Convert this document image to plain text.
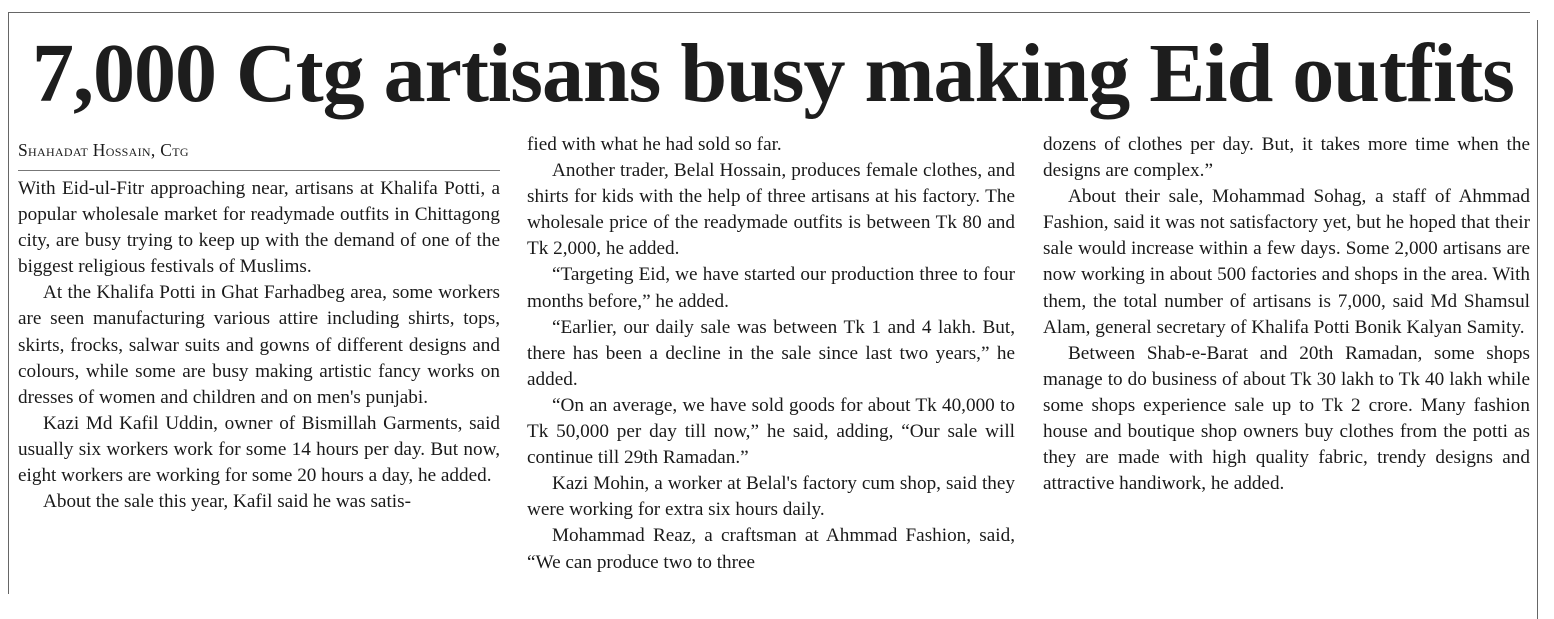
7,000 Ctg artisans busy making Eid outfits
Shahadat Hossain, Ctg

With Eid-ul-Fitr approaching near, artisans at Khalifa Potti, a popular wholesale market for readymade outfits in Chittagong city, are busy trying to keep up with the demand of one of the biggest religious festivals of Muslims.

At the Khalifa Potti in Ghat Farhadbeg area, some workers are seen manufacturing various attire including shirts, tops, skirts, frocks, salwar suits and gowns of different designs and colours, while some are busy making artistic fancy works on dresses of women and children and on men's punjabi.

Kazi Md Kafil Uddin, owner of Bismillah Garments, said usually six workers work for some 14 hours per day. But now, eight workers are working for some 20 hours a day, he added.

About the sale this year, Kafil said he was satis-

fied with what he had sold so far.

Another trader, Belal Hossain, produces female clothes, and shirts for kids with the help of three artisans at his factory. The wholesale price of the readymade outfits is between Tk 80 and Tk 2,000, he added.

“Targeting Eid, we have started our production three to four months before,” he added.

“Earlier, our daily sale was between Tk 1 and 4 lakh. But, there has been a decline in the sale since last two years,” he added.

“On an average, we have sold goods for about Tk 40,000 to Tk 50,000 per day till now,” he said, adding, “Our sale will continue till 29th Ramadan.”

Kazi Mohin, a worker at Belal's factory cum shop, said they were working for extra six hours daily.

Mohammad Reaz, a craftsman at Ahmmad Fashion, said, “We can produce two to three

dozens of clothes per day. But, it takes more time when the designs are complex.”

About their sale, Mohammad Sohag, a staff of Ahmmad Fashion, said it was not satisfactory yet, but he hoped that their sale would increase within a few days. Some 2,000 artisans are now working in about 500 factories and shops in the area. With them, the total number of artisans is 7,000, said Md Shamsul Alam, general secretary of Khalifa Potti Bonik Kalyan Samity.

Between Shab-e-Barat and 20th Ramadan, some shops manage to do business of about Tk 30 lakh to Tk 40 lakh while some shops experience sale up to Tk 2 crore. Many fashion house and boutique shop owners buy clothes from the potti as they are made with high quality fabric, trendy designs and attractive handiwork, he added.
